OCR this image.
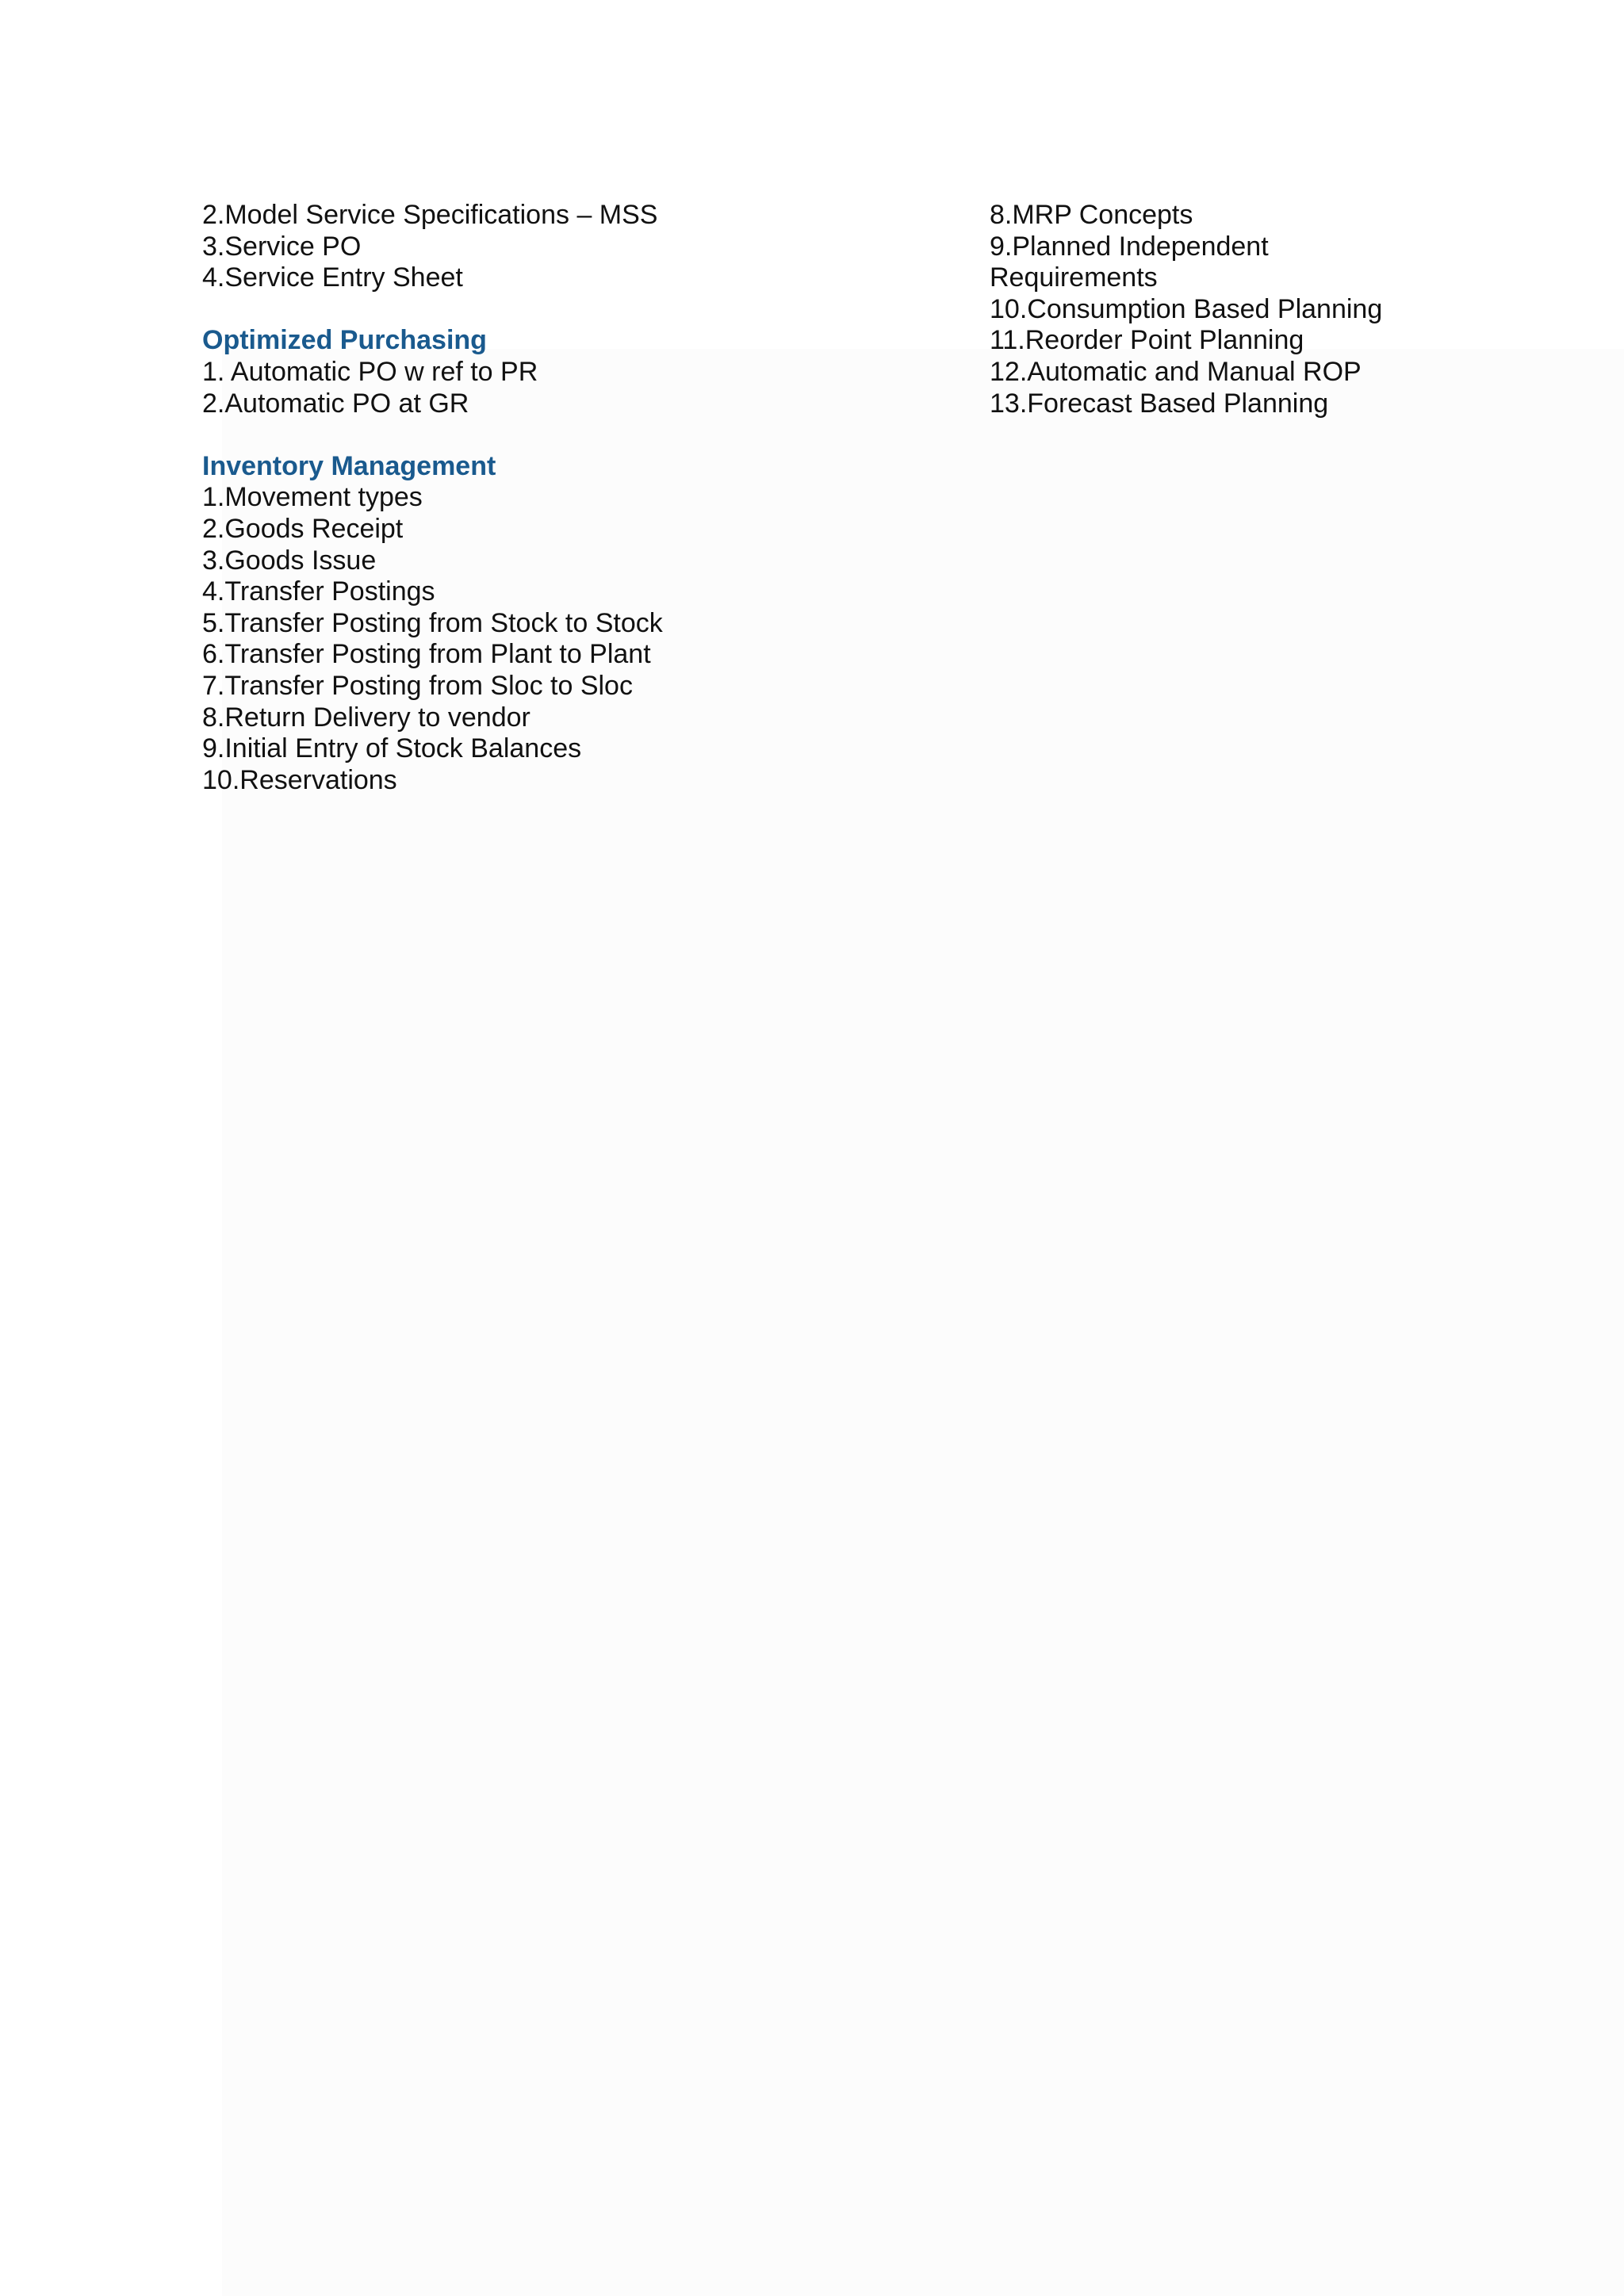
2.Model Service Specifications – MSS
3.Service PO
4.Service Entry Sheet
Optimized Purchasing
1. Automatic PO w ref to PR
2.Automatic PO at GR
Inventory Management
1.Movement types
2.Goods Receipt
3.Goods Issue
4.Transfer Postings
5.Transfer Posting from Stock to Stock
6.Transfer Posting from Plant to Plant
7.Transfer Posting from Sloc to Sloc
8.Return Delivery to vendor
9.Initial Entry of Stock Balances
10.Reservations
8.MRP Concepts
9.Planned Independent
Requirements
10.Consumption Based Planning
11.Reorder Point Planning
12.Automatic and Manual ROP
13.Forecast Based Planning
